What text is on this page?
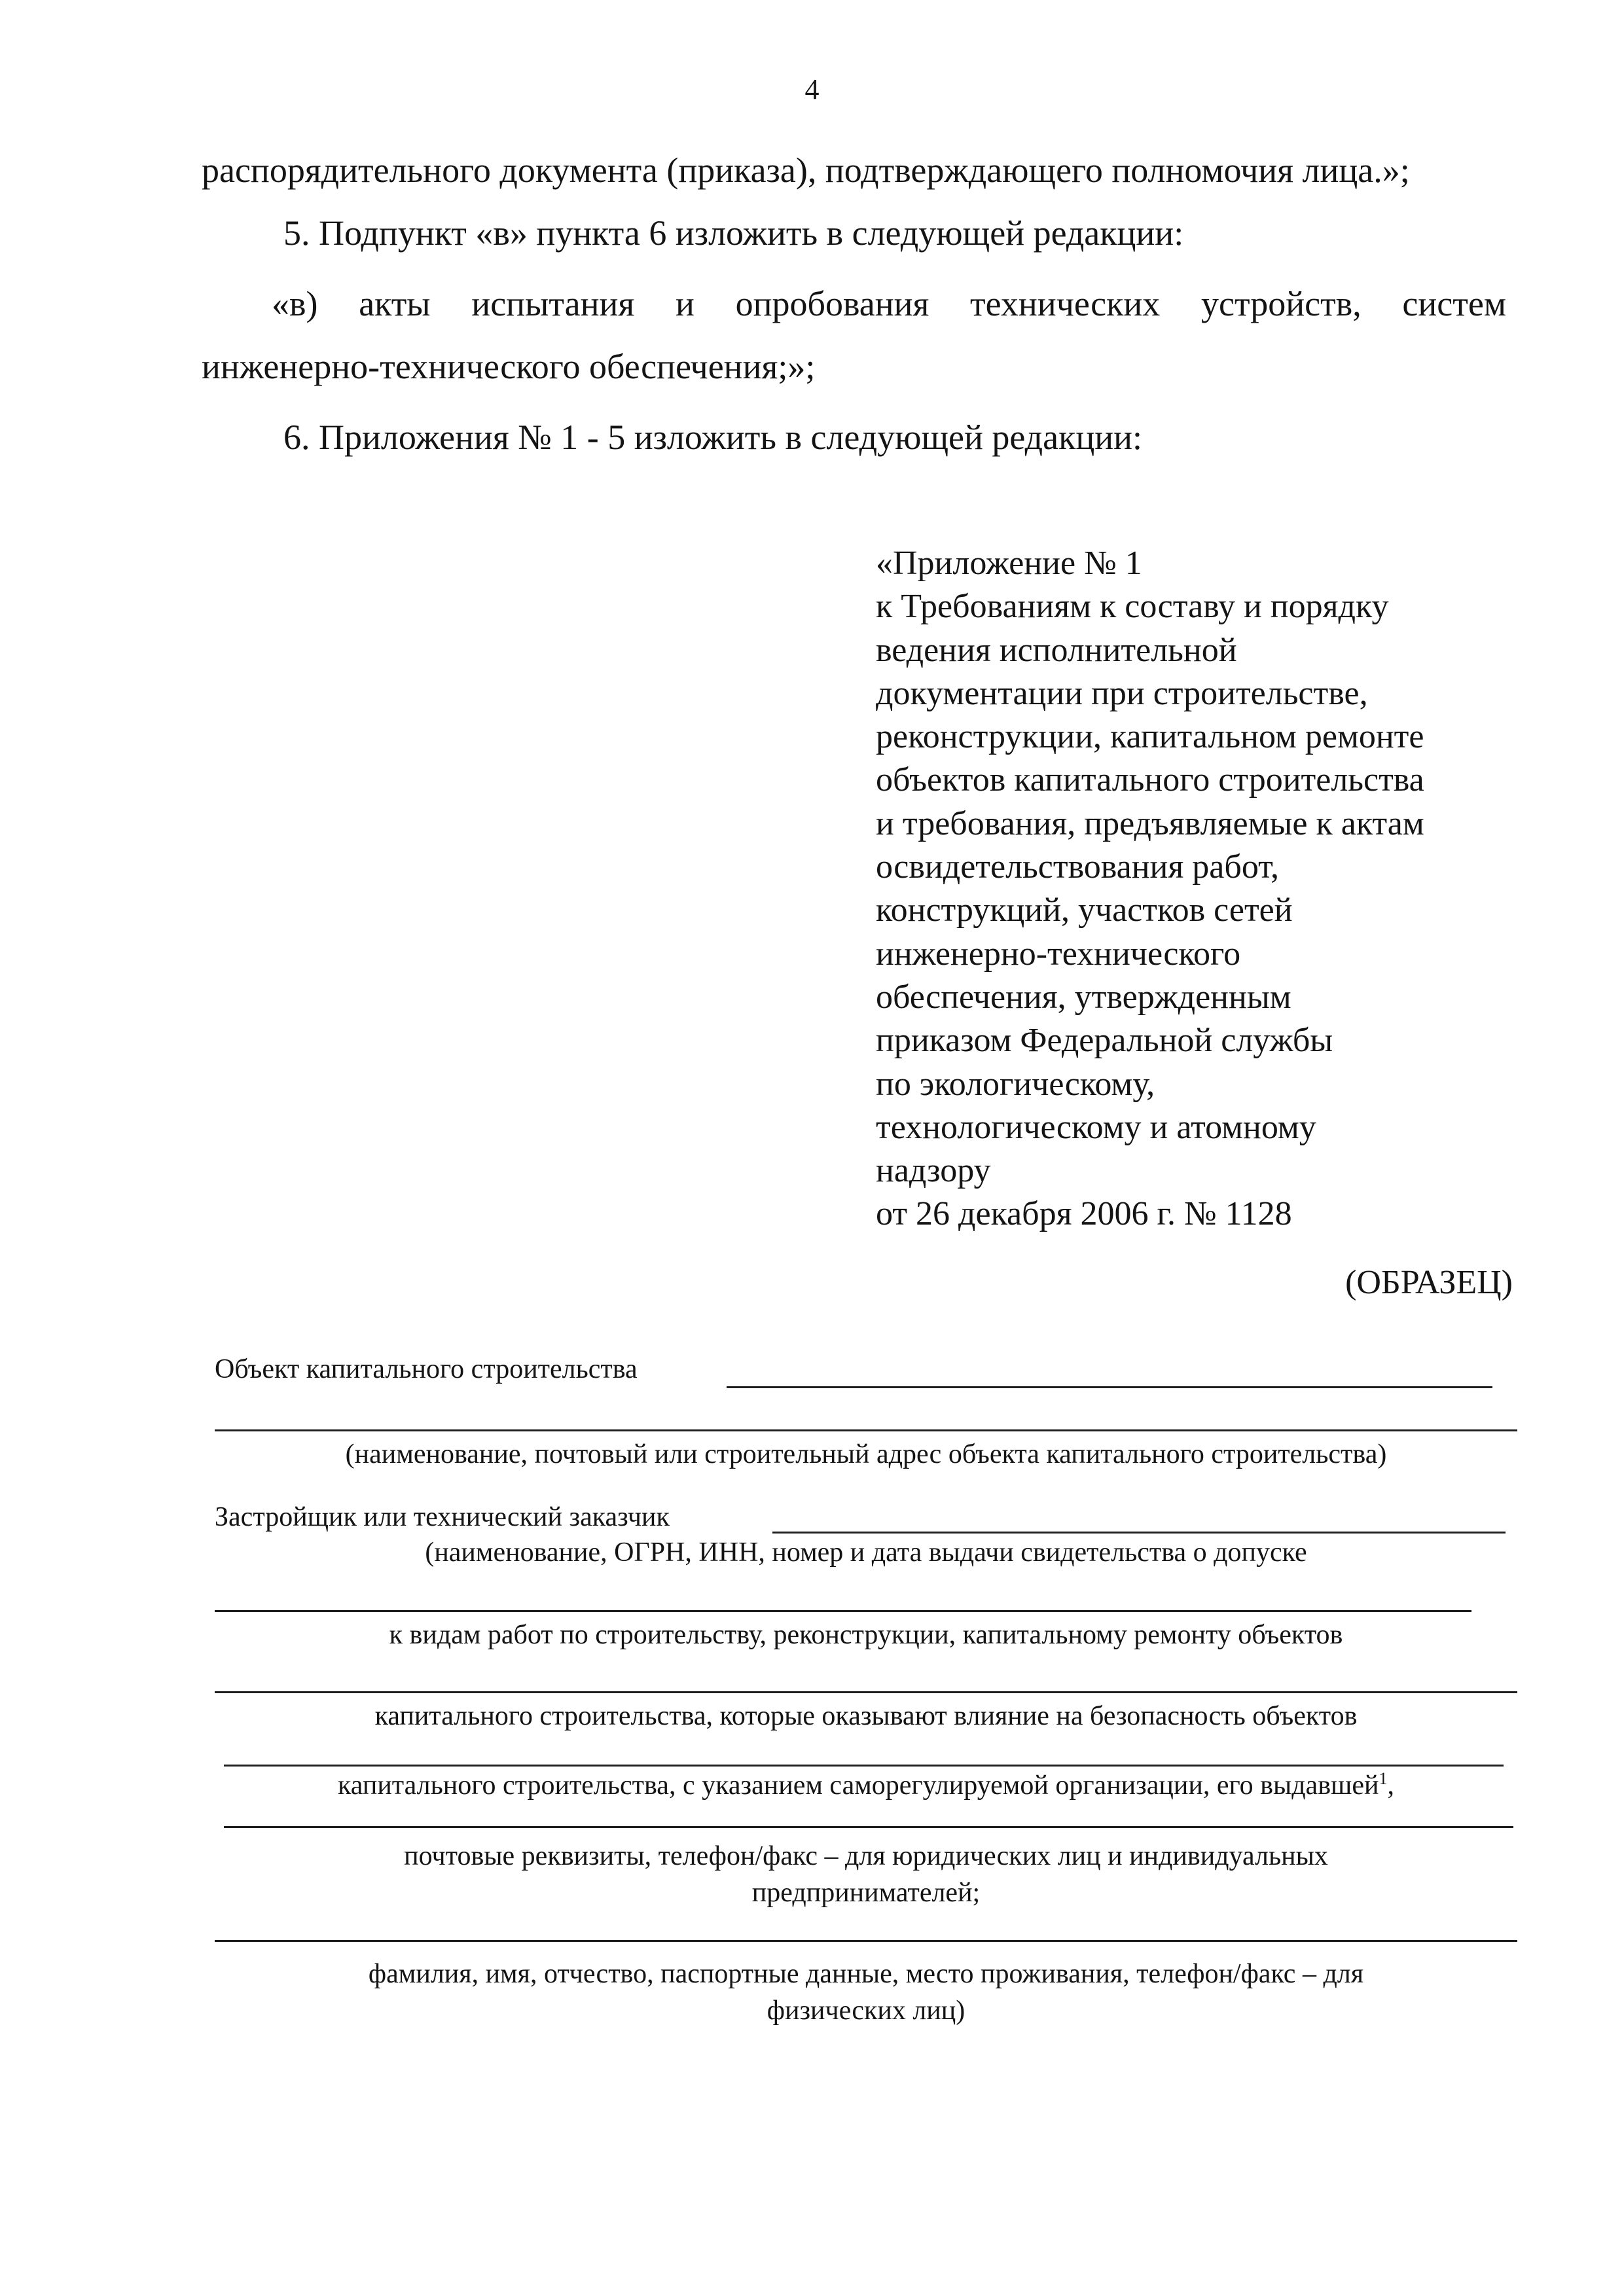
4
распорядительного документа (приказа), подтверждающего полномочия лица.»;
5. Подпункт «в» пункта 6 изложить в следующей редакции:
«в) акты испытания и опробования технических устройств, систем
инженерно-технического обеспечения;»;
6. Приложения № 1 - 5 изложить в следующей редакции:
«Приложение № 1
к Требованиям к составу и порядку
ведения исполнительной
документации при строительстве,
реконструкции, капитальном ремонте
объектов капитального строительства
и требования, предъявляемые к актам
освидетельствования работ,
конструкций, участков сетей
инженерно-технического
обеспечения, утвержденным
приказом Федеральной службы
по экологическому,
технологическому и атомному
надзору
от 26 декабря 2006 г. № 1128
(ОБРАЗЕЦ)
Объект капитального строительства
(наименование, почтовый или строительный адрес объекта капитального строительства)
Застройщик или технический заказчик
(наименование, ОГРН, ИНН, номер и дата выдачи свидетельства о допуске
к видам работ по строительству, реконструкции, капитальному ремонту объектов
капитального строительства, которые оказывают влияние на безопасность объектов
капитального строительства, с указанием саморегулируемой организации, его выдавшей$^1$,
почтовые реквизиты, телефон/факс – для юридических лиц и индивидуальных
предпринимателей;
фамилия, имя, отчество, паспортные данные, место проживания, телефон/факс – для
физических лиц)
